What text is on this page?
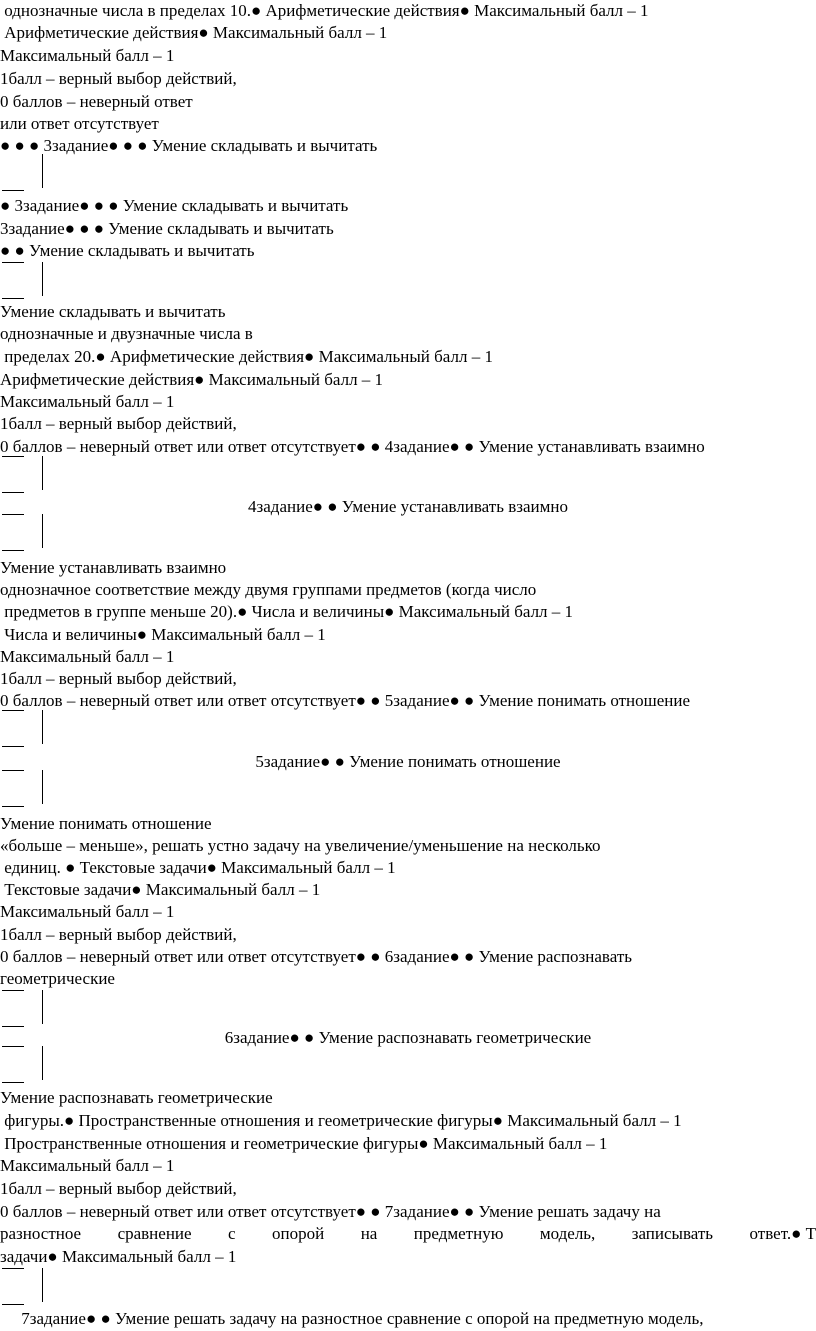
однозначные числа в пределах 10.● Арифметические действия● Максимальный балл – 1
Арифметические действия● Максимальный балл – 1
Максимальный балл – 1
1балл – верный выбор действий,
0 баллов – неверный ответ
или ответ отсутствует
● ● ● 3задание● ● ● Умение складывать и вычитать
● 3задание● ● ● Умение складывать и вычитать
3задание● ● ● Умение складывать и вычитать
● ● Умение складывать и вычитать
Умение складывать и вычитать
однозначные и двузначные числа в
пределах 20.● Арифметические действия● Максимальный балл – 1
Арифметические действия● Максимальный балл – 1
Максимальный балл – 1
1балл – верный выбор действий,
0 баллов – неверный ответ или ответ отсутствует● ● 4задание● ● Умение устанавливать взаимно
4задание● ● Умение устанавливать взаимно
Умение устанавливать взаимно
однозначное соответствие между двумя группами предметов (когда число
предметов в группе меньше 20).● Числа и величины● Максимальный балл – 1
Числа и величины● Максимальный балл – 1
Максимальный балл – 1
1балл – верный выбор действий,
0 баллов – неверный ответ или ответ отсутствует● ● 5задание● ● Умение понимать отношение
5задание● ● Умение понимать отношение
Умение понимать отношение
«больше – меньше», решать устно задачу на увеличение/уменьшение на несколько
единиц. ● Текстовые задачи● Максимальный балл – 1
Текстовые задачи● Максимальный балл – 1
Максимальный балл – 1
1балл – верный выбор действий,
0 баллов – неверный ответ или ответ отсутствует● ● 6задание● ● Умение распознавать
геометрические
6задание● ● Умение распознавать геометрические
Умение распознавать геометрические
фигуры.● Пространственные отношения и геометрические фигуры● Максимальный балл – 1
Пространственные отношения и геометрические фигуры● Максимальный балл – 1
Максимальный балл – 1
1балл – верный выбор действий,
0 баллов – неверный ответ или ответ отсутствует● ● 7задание● ● Умение решать задачу на
разностное сравнение с опорой на предметную модель, записывать ответ.● Т
задачи● Максимальный балл – 1
7задание● ● Умение решать задачу на разностное сравнение с опорой на предметную модель,
